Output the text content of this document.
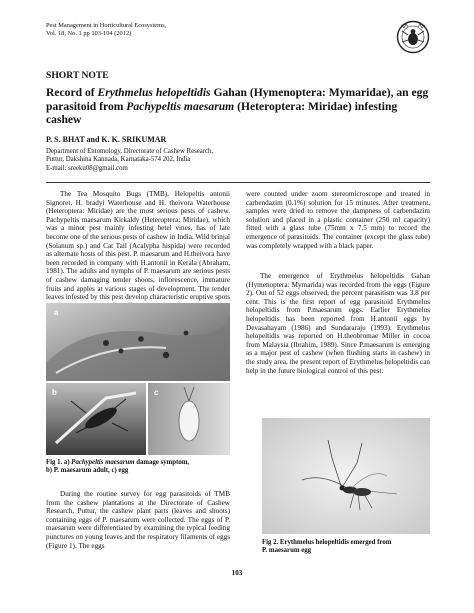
Pest Management in Horticultural Ecosystems,
Vol. 18, No. 1 pp 103-104 (2012)
SHORT NOTE
Record of Erythmelus helopeltidis Gahan (Hymenoptera: Mymaridae), an egg parasitoid from Pachypeltis maesarum (Heteroptera: Miridae) infesting cashew
P. S. BHAT and K. K. SRIKUMAR
Department of Entomology, Directorate of Cashew Research,
Puttur, Dakshina Kannada, Karnataka-574 202, India
E-mail: sreeku08@gmail.com
The Tea Mosquito Bugs (TMB), Helopeltis antonii Signoret, H. bradyi Waterhouse and H. theivora Waterhouse (Heteroptera: Miridae) are the most serious pests of cashew. Pachypeltis maesarum Kirkaldy (Heteroptera: Miridae), which was a minor pest mainly infesting betel vines, has of late become one of the serious pests of cashew in India. Wild brinjal (Solanum sp.) and Cat Tail (Acalypha hispida) were recorded as alternate hosts of this pest. P. maesarum and H.theivora have been recorded in company with H.antonii in Kerala (Abraham, 1981). The adults and nymphs of P. maesarum are serious pests of cashew damaging tender shoots, inflorescence, immature fruits and apples at various stages of development. The tender leaves infested by this pest develop characteristic eruptive spots
a
b	c
Fig 1. a) Pachypeltis maesarum damage symptom,
b) P. maesarum adult, c) egg
During the routine survey for egg parasitoids of TMB from the cashew plantations at the Directorate of Cashew Research, Puttur, the cashew plant parts (leaves and shoots) containing eggs of P. maesarum were collected. The eggs of P. maesarum were differentiated by examining the typical feeding punctures on young leaves and the respiratory filaments of eggs (Figure 1). The eggs
were counted under zoom stereomicroscope and treated in carbendazim (0.1%) solution for 15 minutes. After treatment, samples were dried to remove the dampness of carbendazim solution and placed in a plastic container (250 ml capacity) fitted with a glass tube (75mm x 7.5 mm) to record the emergence of parasitoids. The container (except the glass tube) was completely wrapped with a black paper.
The emergence of Erythmelus helopeltidis Gahan (Hymenoptera: Mymarida) was recorded from the eggs (Figure 2). Out of 52 eggs observed, the percent parasitism was 3.8 per cent. This is the first report of egg parasitoid Erythmelus helopeltidis from P.maesarum eggs. Earlier Erythmelus helopeltidis has been reported from H.antonii eggs by Devasahayam (1986) and Sundararaju (1993). Erythmelus helopeltidis was reported on H.theobromae Miller in cocoa from Malaysia (Ibrahim, 1989). Since P.maesarum is emerging as a major pest of cashew (when flushing starts in cashew) in the study area, the present report of Erythmelus helopeltidis can help in the future biological control of this pest.
Fig 2. Erythmelus helopeltidis emerged from
P. maesarum egg
103
